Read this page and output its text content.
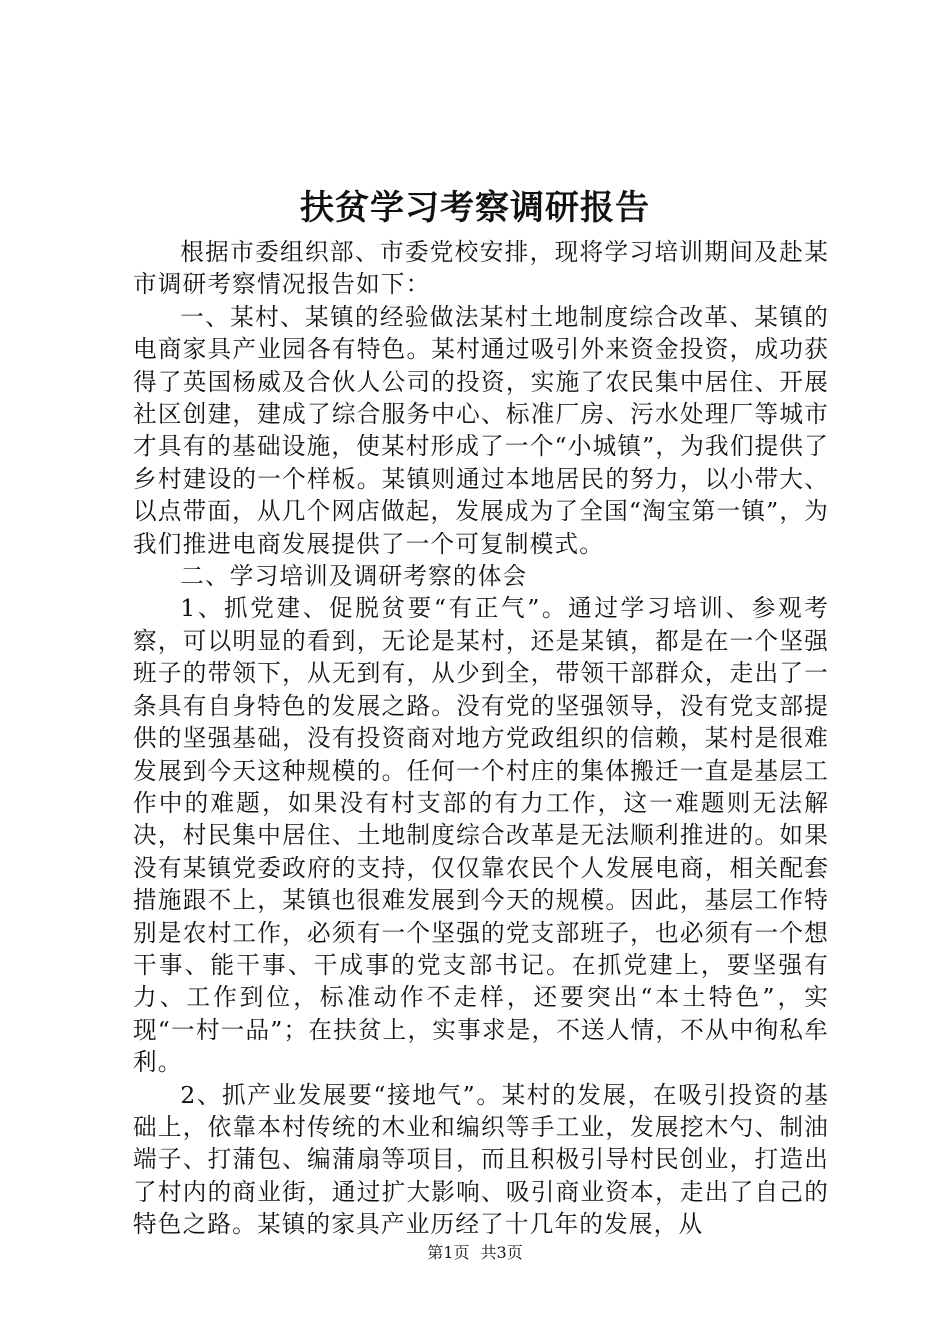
扶贫学习考察调研报告

根据市委组织部、市委党校安排，现将学习培训期间及赴某市调研考察情况报告如下：

一、某村、某镇的经验做法某村土地制度综合改革、某镇的电商家具产业园各有特色。某村通过吸引外来资金投资，成功获得了英国杨威及合伙人公司的投资，实施了农民集中居住、开展社区创建，建成了综合服务中心、标准厂房、污水处理厂等城市才具有的基础设施，使某村形成了一个“小城镇”，为我们提供了乡村建设的一个样板。某镇则通过本地居民的努力，以小带大、以点带面，从几个网店做起，发展成为了全国“淘宝第一镇”，为我们推进电商发展提供了一个可复制模式。

二、学习培训及调研考察的体会

1、抓党建、促脱贫要“有正气”。通过学习培训、参观考察，可以明显的看到，无论是某村，还是某镇，都是在一个坚强班子的带领下，从无到有，从少到全，带领干部群众，走出了一条具有自身特色的发展之路。没有党的坚强领导，没有党支部提供的坚强基础，没有投资商对地方党政组织的信赖，某村是很难发展到今天这种规模的。任何一个村庄的集体搬迁一直是基层工作中的难题，如果没有村支部的有力工作，这一难题则无法解决，村民集中居住、土地制度综合改革是无法顺利推进的。如果没有某镇党委政府的支持，仅仅靠农民个人发展电商，相关配套措施跟不上，某镇也很难发展到今天的规模。因此，基层工作特别是农村工作，必须有一个坚强的党支部班子，也必须有一个想干事、能干事、干成事的党支部书记。在抓党建上，要坚强有力、工作到位，标准动作不走样，还要突出“本土特色”，实现“一村一品”；在扶贫上，实事求是，不送人情，不从中徇私牟利。

2、抓产业发展要“接地气”。某村的发展，在吸引投资的基础上，依靠本村传统的木业和编织等手工业，发展挖木勺、制油端子、打蒲包、编蒲扇等项目，而且积极引导村民创业，打造出了村内的商业街，通过扩大影响、吸引商业资本，走出了自己的特色之路。某镇的家具产业历经了十几年的发展，从

第1页 共3页
